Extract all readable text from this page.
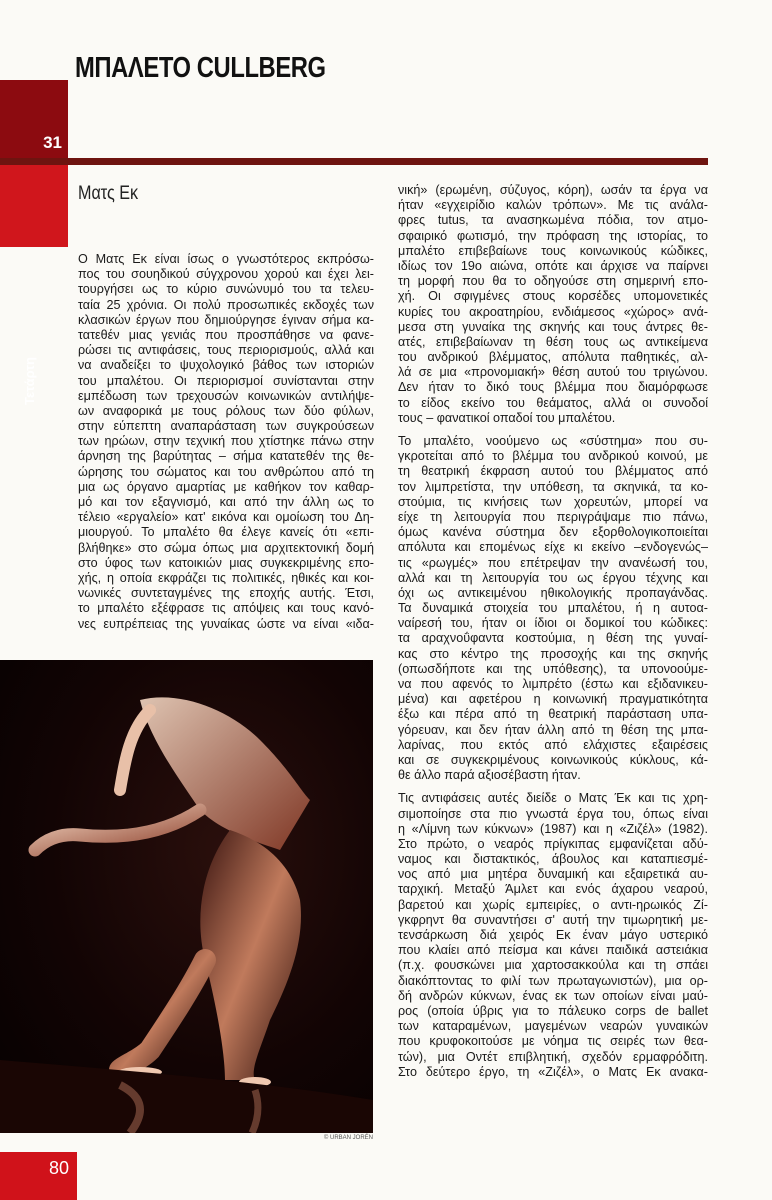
31
Τετάρτη
ΜΠΑΛΕΤΟ CULLBERG
Ματς Εκ
Ο Ματς Εκ είναι ίσως ο γνωστότερος εκπρόσω-
πος του σουηδικού σύγχρονου χορού και έχει λει-
τουργήσει ως το κύριο συνώνυμό του τα τελευ-
ταία 25 χρόνια. Οι πολύ προσωπικές εκδοχές των
κλασικών έργων που δημιούργησε έγιναν σήμα κα-
τατεθέν μιας γενιάς που προσπάθησε να φανε-
ρώσει τις αντιφάσεις, τους περιορισμούς, αλλά και
να αναδείξει το ψυχολογικό βάθος των ιστοριών
του μπαλέτου. Οι περιορισμοί συνίστανται στην
εμπέδωση των τρεχουσών κοινωνικών αντιλήψε-
ων αναφορικά με τους ρόλους των δύο φύλων,
στην εύπεπτη αναπαράσταση των συγκρούσεων
των ηρώων, στην τεχνική που χτίστηκε πάνω στην
άρνηση της βαρύτητας – σήμα κατατεθέν της θε-
ώρησης του σώματος και του ανθρώπου από τη
μια ως όργανο αμαρτίας με καθήκον τον καθαρ-
μό και τον εξαγνισμό, και από την άλλη ως το
τέλειο «εργαλείο» κατ' εικόνα και ομοίωση του Δη-
μιουργού. Το μπαλέτο θα έλεγε κανείς ότι «επι-
βλήθηκε» στο σώμα όπως μια αρχιτεκτονική δομή
στο ύφος των κατοικιών μιας συγκεκριμένης επο-
χής, η οποία εκφράζει τις πολιτικές, ηθικές και κοι-
νωνικές συντεταγμένες της εποχής αυτής. Έτσι,
το μπαλέτο εξέφρασε τις απόψεις και τους κανό-
νες ευπρέπειας της γυναίκας ώστε να είναι «ιδα-
νική» (ερωμένη, σύζυγος, κόρη), ωσάν τα έργα να
ήταν «εγχειρίδιο καλών τρόπων». Με τις ανάλα-
φρες tutus, τα ανασηκωμένα πόδια, τον ατμο-
σφαιρικό φωτισμό, την πρόφαση της ιστορίας, το
μπαλέτο επιβεβαίωνε τους κοινωνικούς κώδικες,
ιδίως τον 19ο αιώνα, οπότε και άρχισε να παίρνει
τη μορφή που θα το οδηγούσε στη σημερινή επο-
χή. Οι σφιγμένες στους κορσέδες υπομονετικές
κυρίες του ακροατηρίου, ενδιάμεσος «χώρος» ανά-
μεσα στη γυναίκα της σκηνής και τους άντρες θε-
ατές, επιβεβαίωναν τη θέση τους ως αντικείμενα
του ανδρικού βλέμματος, απόλυτα παθητικές, αλ-
λά σε μια «προνομιακή» θέση αυτού του τριγώνου.
Δεν ήταν το δικό τους βλέμμα που διαμόρφωσε
το είδος εκείνο του θεάματος, αλλά οι συνοδοί
τους – φανατικοί οπαδοί του μπαλέτου.
Το μπαλέτο, νοούμενο ως «σύστημα» που συ-
γκροτείται από το βλέμμα του ανδρικού κοινού, με
τη θεατρική έκφραση αυτού του βλέμματος από
τον λιμπρετίστα, την υπόθεση, τα σκηνικά, τα κο-
στούμια, τις κινήσεις των χορευτών, μπορεί να
είχε τη λειτουργία που περιγράψαμε πιο πάνω,
όμως κανένα σύστημα δεν εξορθολογικοποιείται
απόλυτα και επομένως είχε κι εκείνο –ενδογενώς–
τις «ρωγμές» που επέτρεψαν την ανανέωσή του,
αλλά και τη λειτουργία του ως έργου τέχνης και
όχι ως αντικειμένου ηθικολογικής προπαγάνδας.
Τα δυναμικά στοιχεία του μπαλέτου, ή η αυτοα-
ναίρεσή του, ήταν οι ίδιοι οι δομικοί του κώδικες:
τα αραχνοΰφαντα κοστούμια, η θέση της γυναί-
κας στο κέντρο της προσοχής και της σκηνής
(οπωσδήποτε και της υπόθεσης), τα υπονοούμε-
να που αφενός το λιμπρέτο (έστω και εξιδανικευ-
μένα) και αφετέρου η κοινωνική πραγματικότητα
έξω και πέρα από τη θεατρική παράσταση υπα-
γόρευαν, και δεν ήταν άλλη από τη θέση της μπα-
λαρίνας, που εκτός από ελάχιστες εξαιρέσεις
και σε συγκεκριμένους κοινωνικούς κύκλους, κά-
θε άλλο παρά αξιοσέβαστη ήταν.
Τις αντιφάσεις αυτές διείδε ο Ματς Έκ και τις χρη-
σιμοποίησε στα πιο γνωστά έργα του, όπως είναι
η «Λίμνη των κύκνων» (1987) και η «Ζιζέλ» (1982).
Στο πρώτο, ο νεαρός πρίγκιπας εμφανίζεται αδύ-
ναμος και διστακτικός, άβουλος και καταπιεσμέ-
νος από μια μητέρα δυναμική και εξαιρετικά αυ-
ταρχική. Μεταξύ Άμλετ και ενός άχαρου νεαρού,
βαρετού και χωρίς εμπειρίες, ο αντι-ηρωικός Ζί-
γκφρηντ θα συναντήσει σ' αυτή την τιμωρητική με-
τενσάρκωση διά χειρός Εκ έναν μάγο υστερικό
που κλαίει από πείσμα και κάνει παιδικά αστειάκια
(π.χ. φουσκώνει μια χαρτοσακκούλα και τη σπάει
διακόπτοντας το φιλί των πρωταγωνιστών), μια ορ-
δή ανδρών κύκνων, ένας εκ των οποίων είναι μαύ-
ρος (οποία ύβρις για το πάλευκο corps de ballet
των καταραμένων, μαγεμένων νεαρών γυναικών
που κρυφοκοιτούσε με νόημα τις σειρές των θεα-
τών), μια Οντέτ επιβλητική, σχεδόν ερμαφρόδιτη.
Στο δεύτερο έργο, τη «Ζιζέλ», ο Ματς Εκ ανακα-
© URBAN JORÉN
80
